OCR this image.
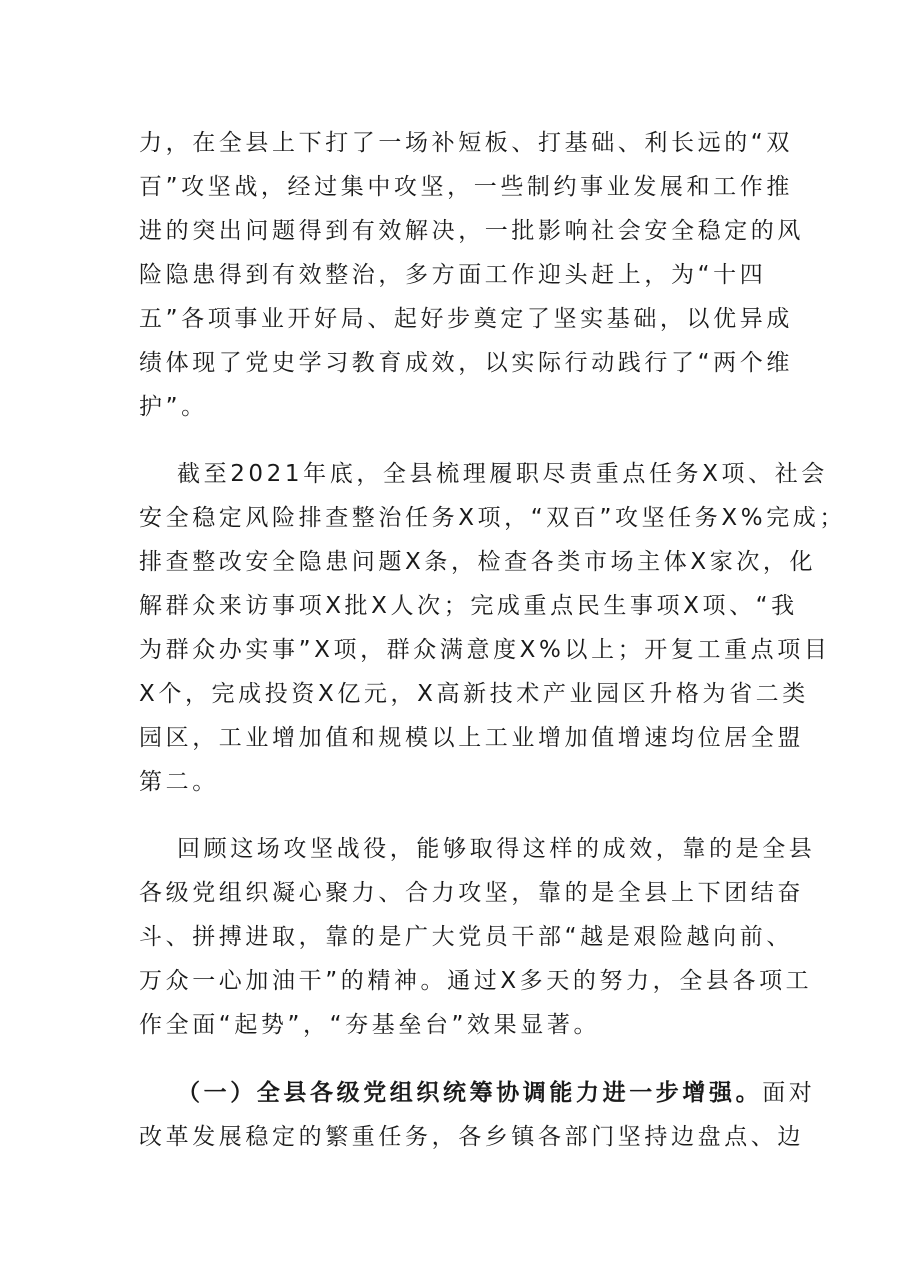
力，在全县上下打了一场补短板、打基础、利长远的“双
百”攻坚战，经过集中攻坚，一些制约事业发展和工作推
进的突出问题得到有效解决，一批影响社会安全稳定的风
险隐患得到有效整治，多方面工作迎头赶上，为“十四
五”各项事业开好局、起好步奠定了坚实基础，以优异成
绩体现了党史学习教育成效，以实际行动践行了“两个维
护”。
截至2021年底，全县梳理履职尽责重点任务X项、社会
安全稳定风险排查整治任务X项，“双百”攻坚任务X%完成；
排查整改安全隐患问题X条，检查各类市场主体X家次，化
解群众来访事项X批X人次；完成重点民生事项X项、“我
为群众办实事”X项，群众满意度X%以上；开复工重点项目
X个，完成投资X亿元，X高新技术产业园区升格为省二类
园区，工业增加值和规模以上工业增加值增速均位居全盟
第二。
回顾这场攻坚战役，能够取得这样的成效，靠的是全县
各级党组织凝心聚力、合力攻坚，靠的是全县上下团结奋
斗、拼搏进取，靠的是广大党员干部“越是艰险越向前、
万众一心加油干”的精神。通过X多天的努力，全县各项工
作全面“起势”，“夯基垒台”效果显著。
（一）全县各级党组织统筹协调能力进一步增强。面对
改革发展稳定的繁重任务，各乡镇各部门坚持边盘点、边
